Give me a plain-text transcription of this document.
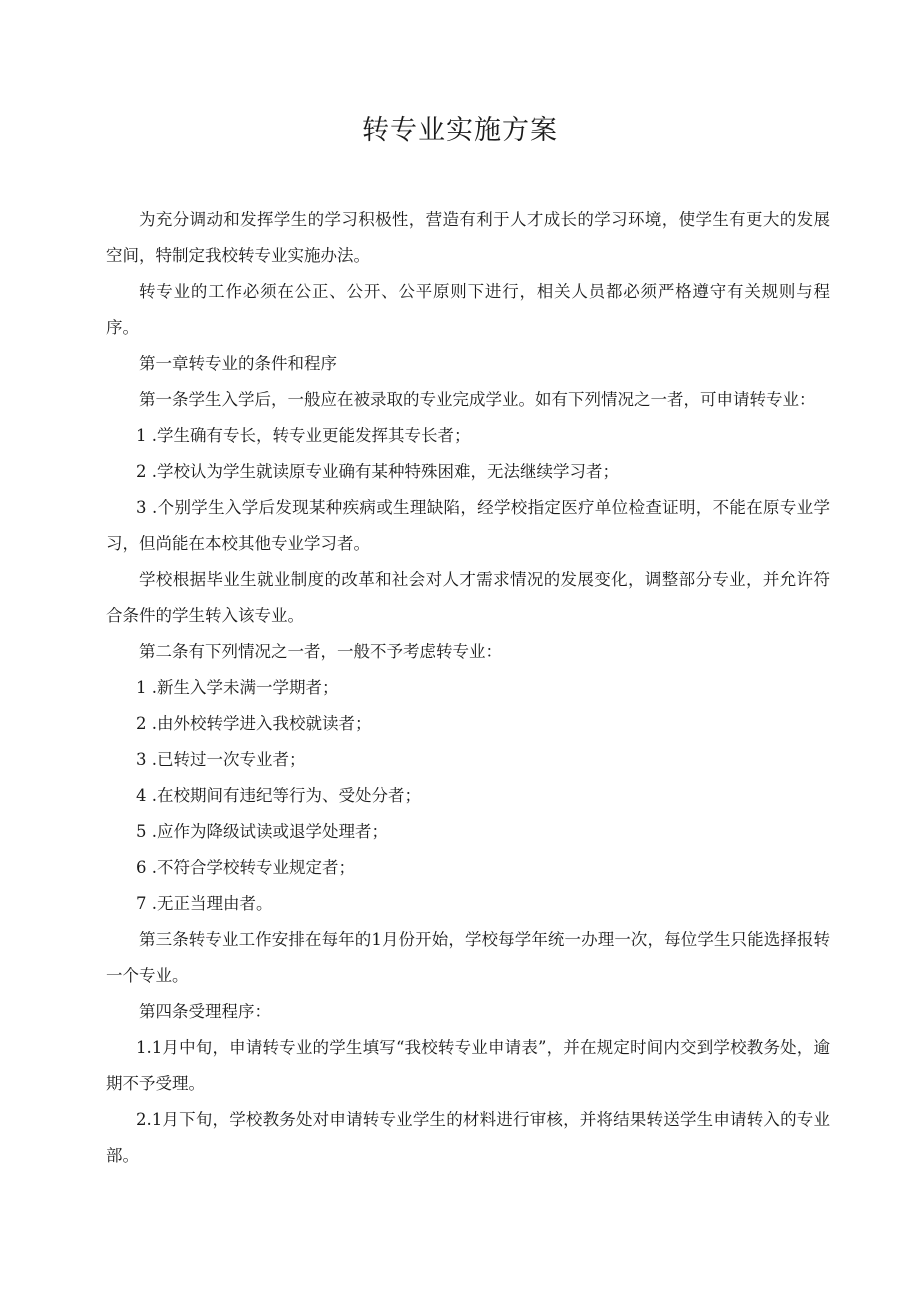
转专业实施方案

为充分调动和发挥学生的学习积极性，营造有利于人才成长的学习环境，使学生有更大的发展空间，特制定我校转专业实施办法。

转专业的工作必须在公正、公开、公平原则下进行，相关人员都必须严格遵守有关规则与程序。

第一章转专业的条件和程序

第一条学生入学后，一般应在被录取的专业完成学业。如有下列情况之一者，可申请转专业：

1 .学生确有专长，转专业更能发挥其专长者；

2 .学校认为学生就读原专业确有某种特殊困难，无法继续学习者；

3 .个别学生入学后发现某种疾病或生理缺陷，经学校指定医疗单位检查证明，不能在原专业学习，但尚能在本校其他专业学习者。

学校根据毕业生就业制度的改革和社会对人才需求情况的发展变化，调整部分专业，并允许符合条件的学生转入该专业。

第二条有下列情况之一者，一般不予考虑转专业：

1 .新生入学未满一学期者；

2 .由外校转学进入我校就读者；

3 .已转过一次专业者；

4 .在校期间有违纪等行为、受处分者；

5 .应作为降级试读或退学处理者；

6 .不符合学校转专业规定者；

7 .无正当理由者。

第三条转专业工作安排在每年的1月份开始，学校每学年统一办理一次，每位学生只能选择报转一个专业。

第四条受理程序：

1.1月中旬，申请转专业的学生填写“我校转专业申请表”，并在规定时间内交到学校教务处，逾期不予受理。

2.1月下旬，学校教务处对申请转专业学生的材料进行审核，并将结果转送学生申请转入的专业部。
